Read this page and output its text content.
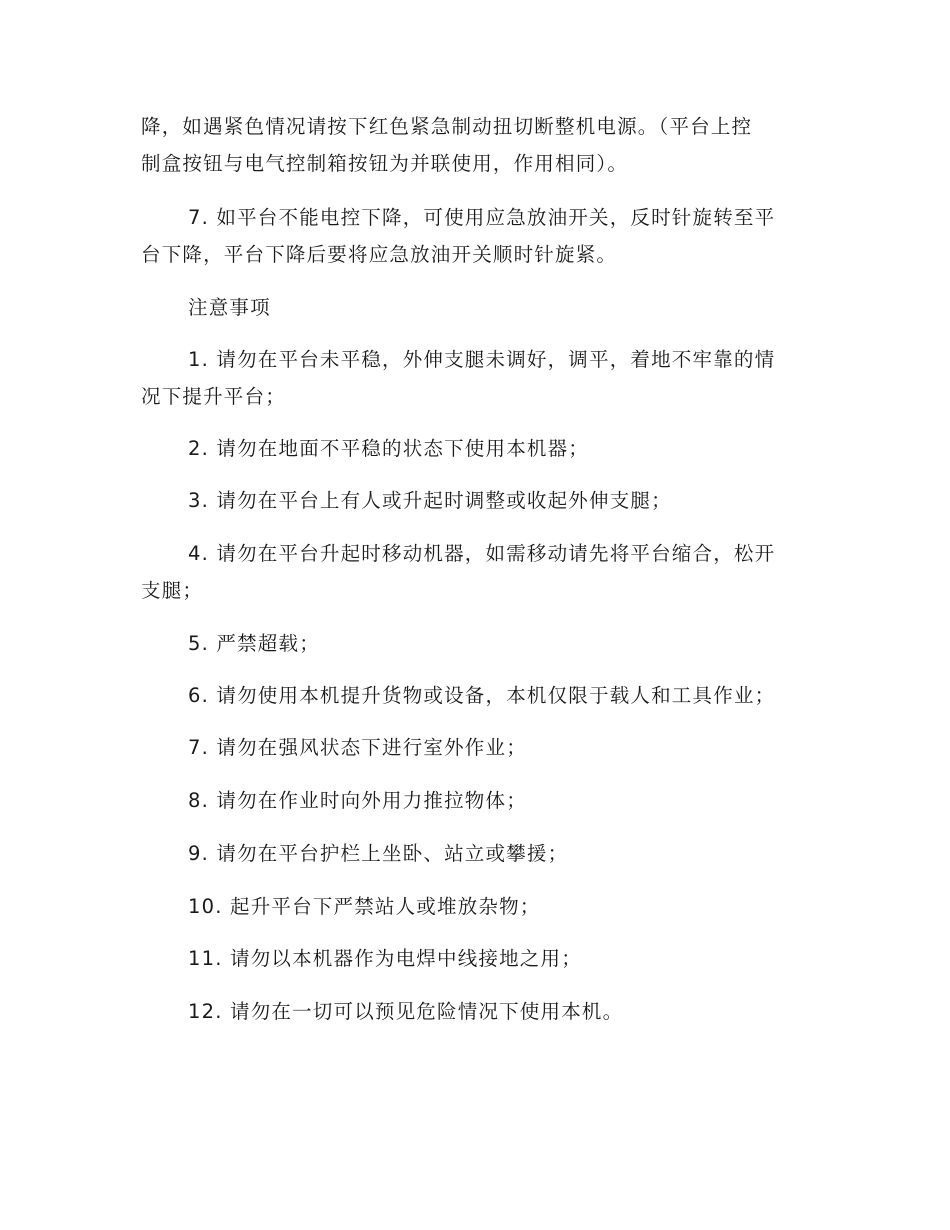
降，如遇紧色情况请按下红色紧急制动扭切断整机电源。（平台上控
制盒按钮与电气控制箱按钮为并联使用，作用相同）。

7. 如平台不能电控下降，可使用应急放油开关，反时针旋转至平
台下降，平台下降后要将应急放油开关顺时针旋紧。

注意事项

1. 请勿在平台未平稳，外伸支腿未调好，调平，着地不牢靠的情
况下提升平台；

2. 请勿在地面不平稳的状态下使用本机器；

3. 请勿在平台上有人或升起时调整或收起外伸支腿；

4. 请勿在平台升起时移动机器，如需移动请先将平台缩合，松开
支腿；

5. 严禁超载；

6. 请勿使用本机提升货物或设备，本机仅限于载人和工具作业；

7. 请勿在强风状态下进行室外作业；

8. 请勿在作业时向外用力推拉物体；

9. 请勿在平台护栏上坐卧、站立或攀援；

10. 起升平台下严禁站人或堆放杂物；

11. 请勿以本机器作为电焊中线接地之用；

12. 请勿在一切可以预见危险情况下使用本机。
